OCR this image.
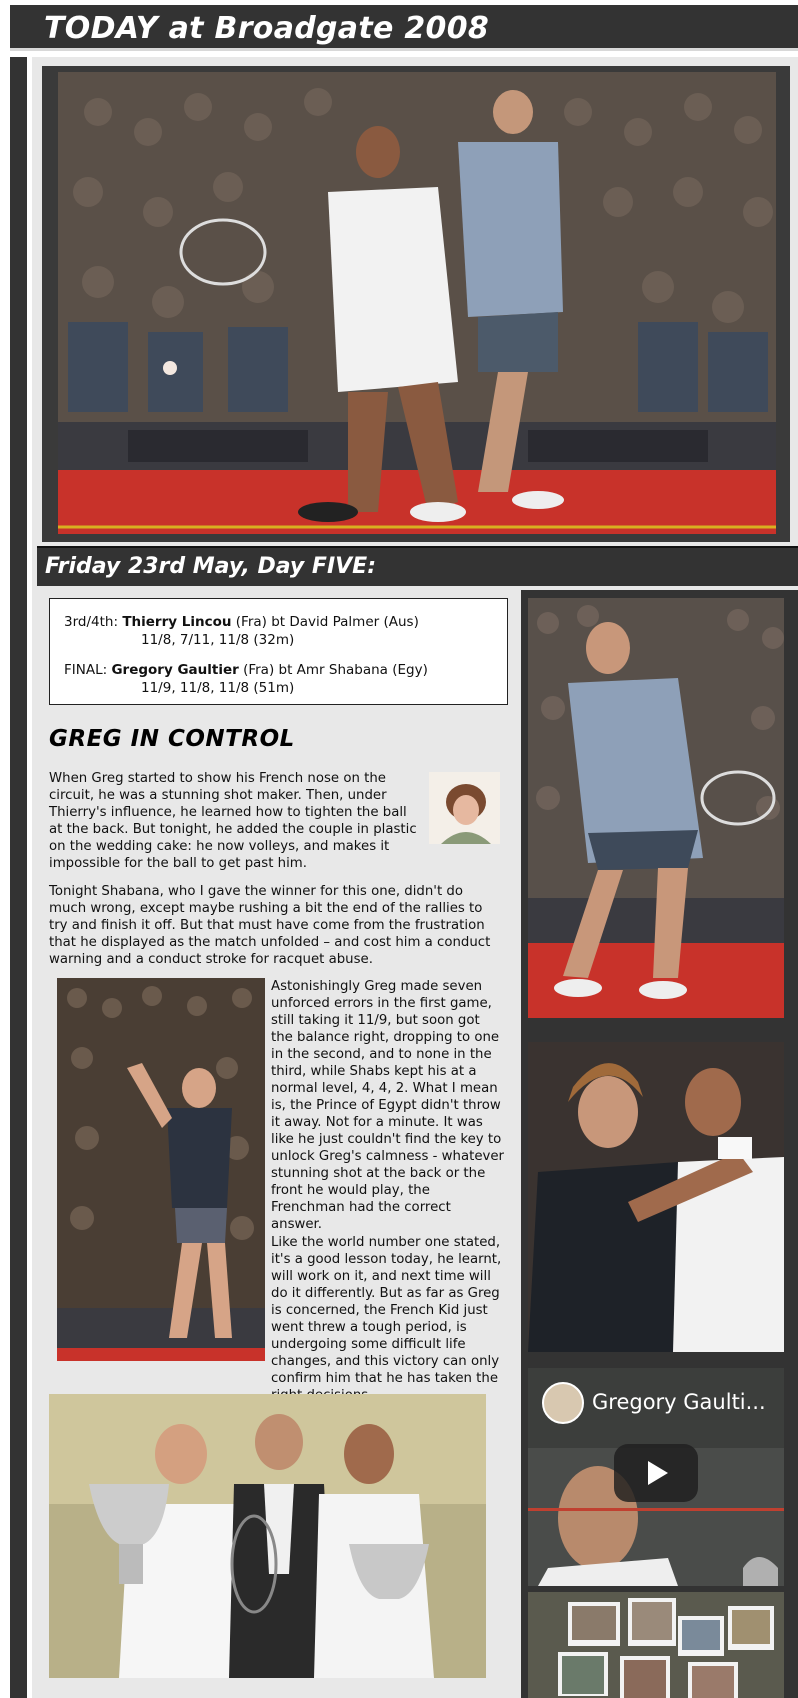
TODAY at Broadgate 2008
Friday 23rd May, Day FIVE:
3rd/4th: Thierry Lincou (Fra) bt David Palmer (Aus)
11/8, 7/11, 11/8 (32m)
FINAL: Gregory Gaultier (Fra) bt Amr Shabana (Egy)
11/9, 11/8, 11/8 (51m)
GREG IN CONTROL

When Greg started to show his French nose on the circuit, he was a stunning shot maker. Then, under Thierry's influence, he learned how to tighten the ball at the back. But tonight, he added the couple in plastic on the wedding cake: he now volleys, and makes it impossible for the ball to get past him.

Tonight Shabana, who I gave the winner for this one, didn't do much wrong, except maybe rushing a bit the end of the rallies to try and finish it off. But that must have come from the frustration that he displayed as the match unfolded – and cost him a conduct warning and a conduct stroke for racquet abuse.

Astonishingly Greg made seven unforced errors in the first game, still taking it 11/9, but soon got the balance right, dropping to one in the second, and to none in the third, while Shabs kept his at a normal level, 4, 4, 2. What I mean is, the Prince of Egypt didn't throw it away. Not for a minute. It was like he just couldn't find the key to unlock Greg's calmness - whatever stunning shot at the back or the front he would play, the Frenchman had the correct answer.

Like the world number one stated, it's a good lesson today, he learnt, will work on it, and next time will do it differently. But as far as Greg is concerned, the French Kid just went threw a tough period, is undergoing some difficult life changes, and this victory can only confirm him that he has taken the

Gregory Gaulti...
